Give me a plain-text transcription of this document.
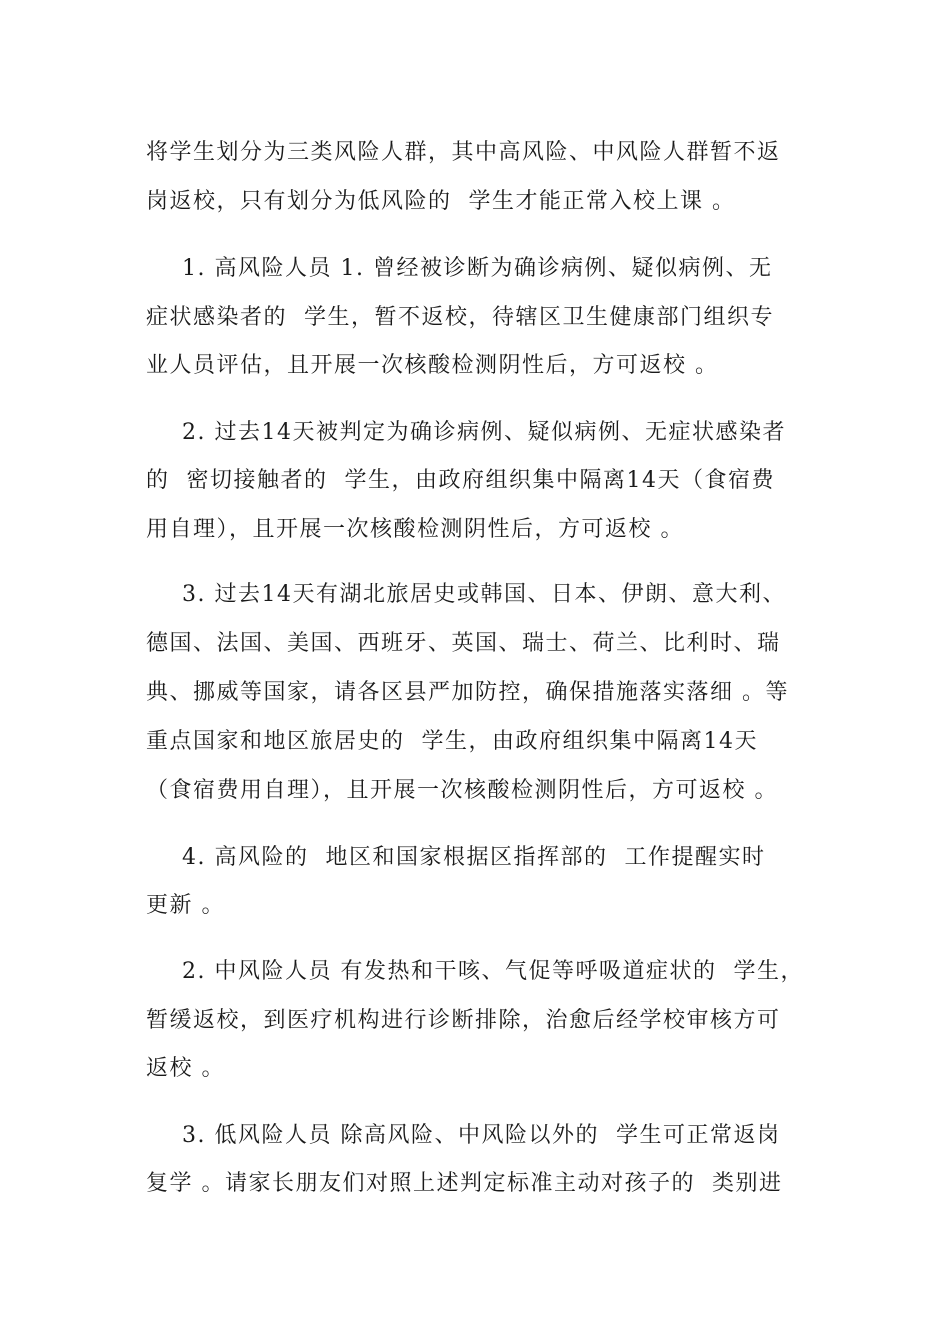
将学生划分为三类风险人群，其中高风险、中风险人群暂不返
岗返校，只有划分为低风险的  学生才能正常入校上课 。
1. 高风险人员 1. 曾经被诊断为确诊病例、疑似病例、无
症状感染者的  学生，暂不返校，待辖区卫生健康部门组织专
业人员评估，且开展一次核酸检测阴性后，方可返校 。
2. 过去14天被判定为确诊病例、疑似病例、无症状感染者
的  密切接触者的  学生，由政府组织集中隔离14天（食宿费
用自理），且开展一次核酸检测阴性后，方可返校 。
3. 过去14天有湖北旅居史或韩国、日本、伊朗、意大利、
德国、法国、美国、西班牙、英国、瑞士、荷兰、比利时、瑞
典、挪威等国家，请各区县严加防控，确保措施落实落细 。等
重点国家和地区旅居史的  学生，由政府组织集中隔离14天
（食宿费用自理），且开展一次核酸检测阴性后，方可返校 。
4. 高风险的  地区和国家根据区指挥部的  工作提醒实时
更新 。
2. 中风险人员 有发热和干咳、气促等呼吸道症状的  学生，
暂缓返校，到医疗机构进行诊断排除，治愈后经学校审核方可
返校 。
3. 低风险人员 除高风险、中风险以外的  学生可正常返岗
复学 。请家长朋友们对照上述判定标准主动对孩子的  类别进
